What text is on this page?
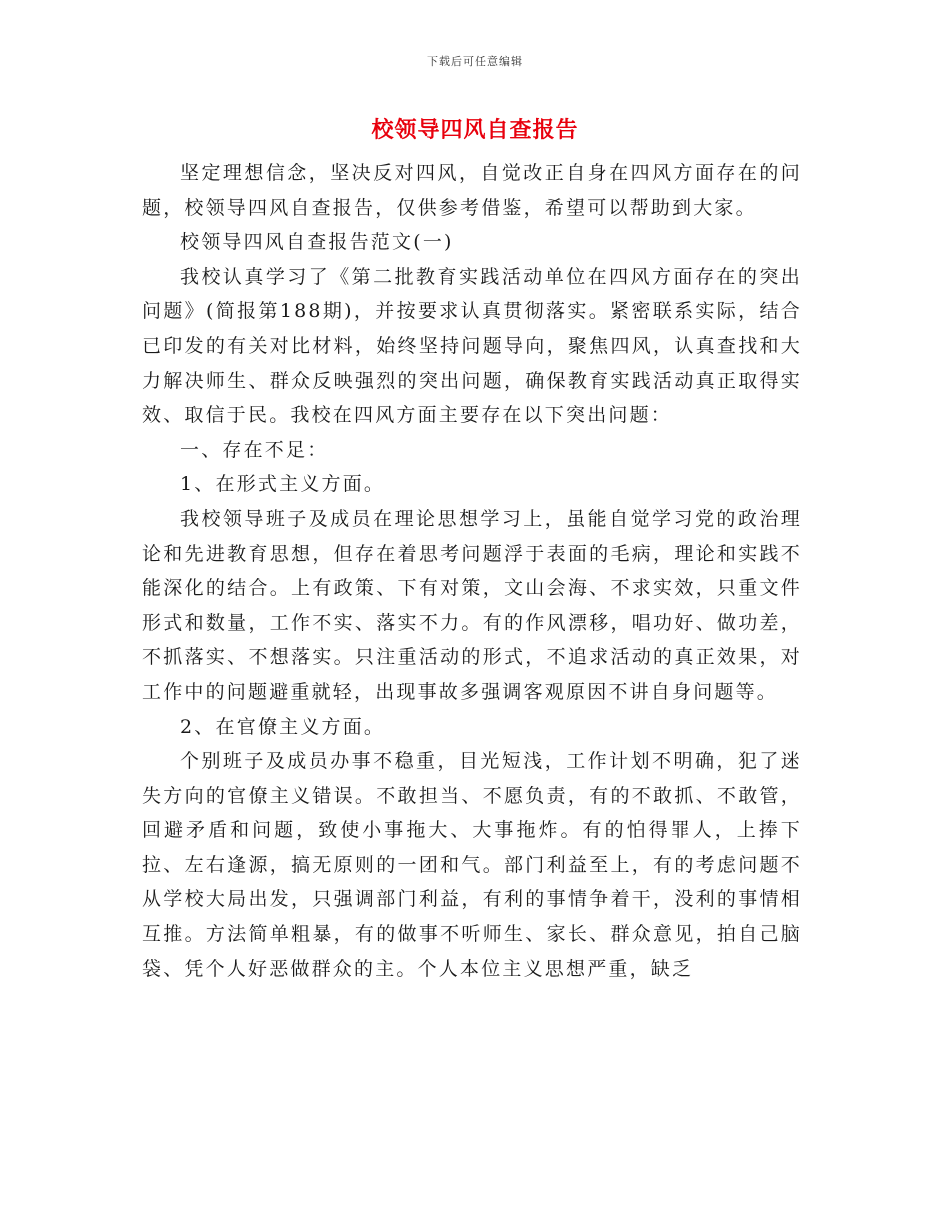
下载后可任意编辑
校领导四风自查报告

坚定理想信念，坚决反对四风，自觉改正自身在四风方面存在的问题，校领导四风自查报告，仅供参考借鉴，希望可以帮助到大家。

校领导四风自查报告范文(一)

我校认真学习了《第二批教育实践活动单位在四风方面存在的突出问题》(简报第188期)，并按要求认真贯彻落实。紧密联系实际，结合已印发的有关对比材料，始终坚持问题导向，聚焦四风，认真查找和大力解决师生、群众反映强烈的突出问题，确保教育实践活动真正取得实效、取信于民。我校在四风方面主要存在以下突出问题：

一、存在不足：

1、在形式主义方面。

我校领导班子及成员在理论思想学习上，虽能自觉学习党的政治理论和先进教育思想，但存在着思考问题浮于表面的毛病，理论和实践不能深化的结合。上有政策、下有对策，文山会海、不求实效，只重文件形式和数量，工作不实、落实不力。有的作风漂移，唱功好、做功差，不抓落实、不想落实。只注重活动的形式，不追求活动的真正效果，对工作中的问题避重就轻，出现事故多强调客观原因不讲自身问题等。

2、在官僚主义方面。

个别班子及成员办事不稳重，目光短浅，工作计划不明确，犯了迷失方向的官僚主义错误。不敢担当、不愿负责，有的不敢抓、不敢管，回避矛盾和问题，致使小事拖大、大事拖炸。有的怕得罪人，上捧下拉、左右逢源，搞无原则的一团和气。部门利益至上，有的考虑问题不从学校大局出发，只强调部门利益，有利的事情争着干，没利的事情相互推。方法简单粗暴，有的做事不听师生、家长、群众意见，拍自己脑袋、凭个人好恶做群众的主。个人本位主义思想严重，缺乏
